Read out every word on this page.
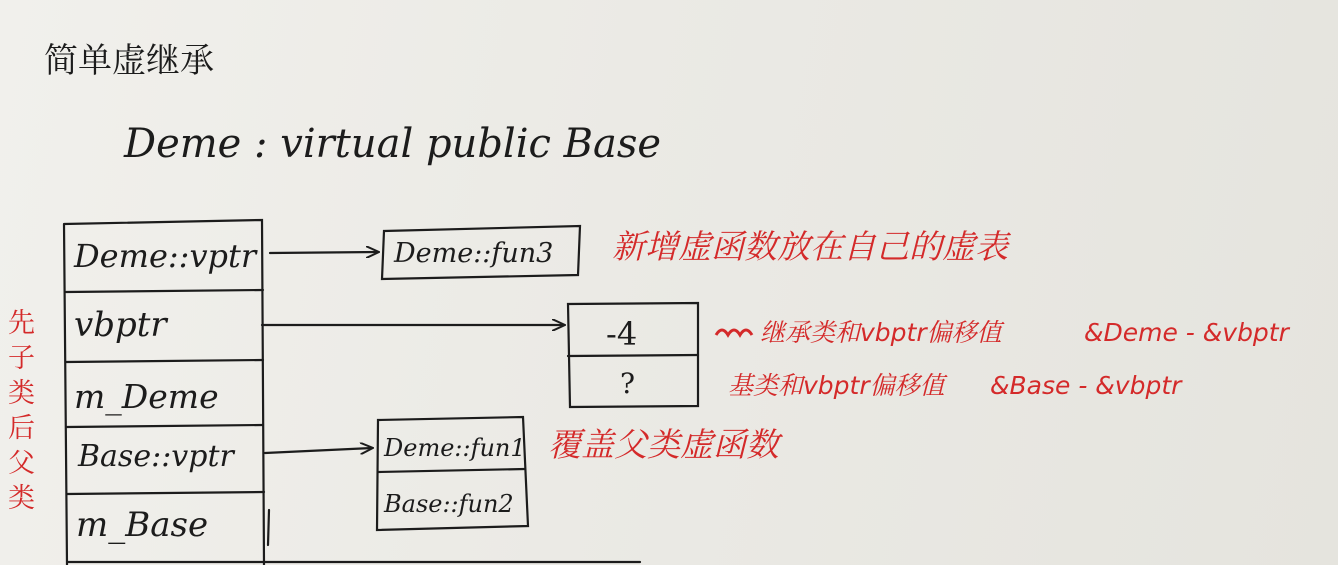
简单虚继承
Deme : virtual public Base
Deme::vptr
vbptr
m_Deme
Base::vptr
m_Base
先
子
类
后
父
类
Deme::fun3 新增虚函数放在自己的虚表
-4
?
继承类和vbptr偏移值	&Deme - &vbptr
基类和vbptr偏移值 &Base - &vbptr
Deme::fun1
Base::fun2
覆盖父类虚函数
